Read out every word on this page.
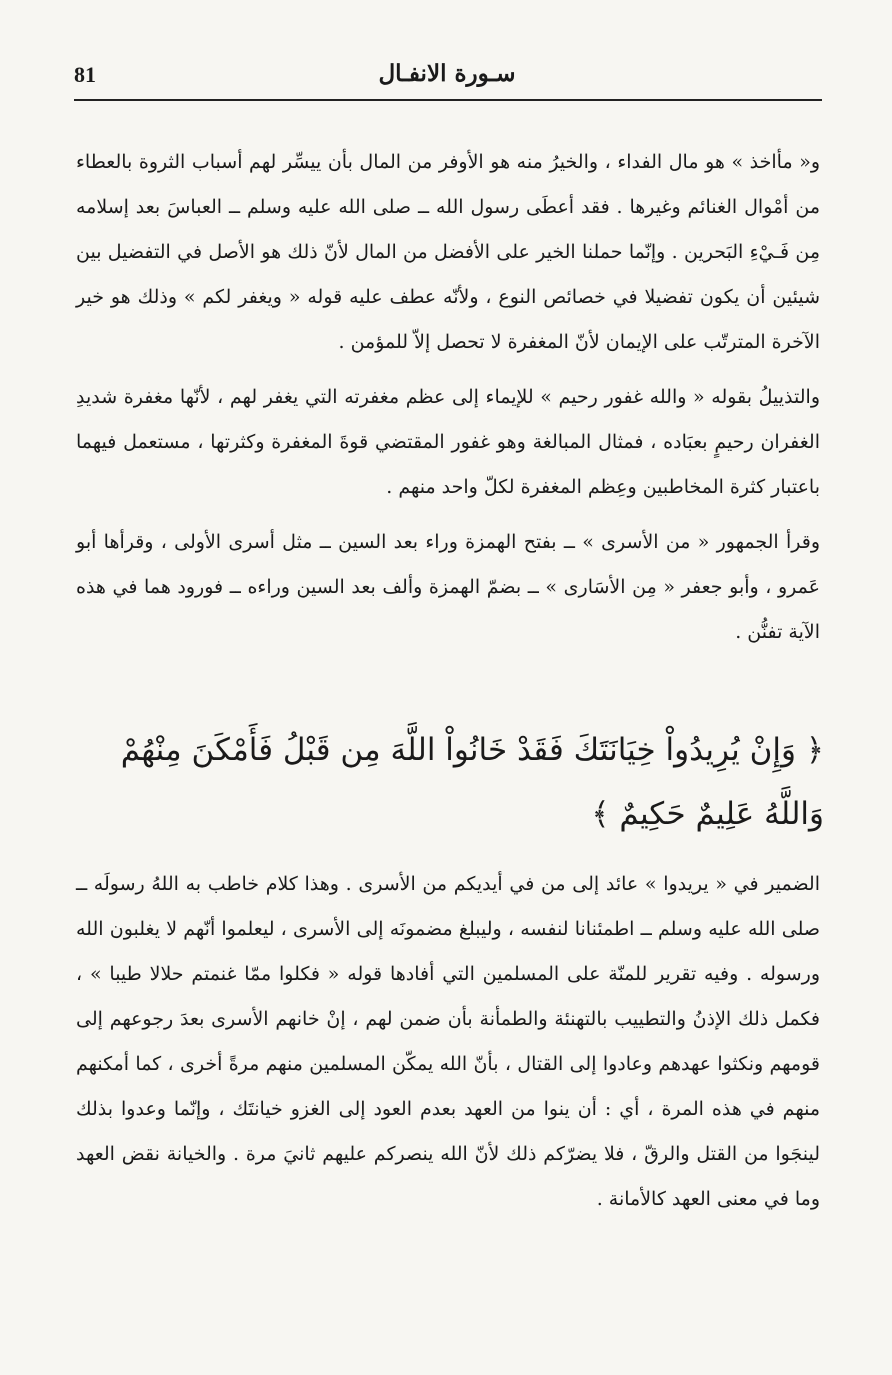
81	سـورة الانفـال

و« مأاخذ » هو مال الفداء ، والخيرُ منه هو الأوفر من المال بأن ييسِّر لهم أسباب الثروة بالعطاء من أمْوال الغنائم وغيرها . فقد أعطَى رسول الله ــ صلى الله عليه وسلم ــ العباسَ بعد إسلامه مِن فَـيْءِ البَحرين . وإنّما حملنا الخير على الأفضل من المال لأنّ ذلك هو الأصل في التفضيل بين شيئين أن يكون تفضيلا في خصائص النوع ، ولأنّه عطف عليه قوله « ويغفر لكم » وذلك هو خير الآخرة المترتّب على الإيمان لأنّ المغفرة لا تحصل إلاّ للمؤمن .

والتذييلُ بقوله « والله غفور رحيم » للإيماء إلى عظم مغفرته التي يغفر لهم ، لأنّها مغفرة شديدِ الغفران رحيمٍ بعبَاده ، فمثال المبالغة وهو غفور المقتضي قوةَ المغفرة وكثرتها ، مستعمل فيهما باعتبار كثرة المخاطبين وعِظم المغفرة لكلّ واحد منهم .

وقرأ الجمهور « من الأسرى » ــ بفتح الهمزة وراء بعد السين ــ مثل أسرى الأولى ، وقرأها أبو عَمرو ، وأبو جعفر « مِن الأسَارى » ــ بضمّ الهمزة وألف بعد السين وراءه ــ فورود هما في هذه الآية تفنُّن .

﴿ وَإِنْ يُرِيدُواْ خِيَانَتَكَ فَقَدْ خَانُواْ اللَّهَ مِن قَبْلُ فَأَمْكَنَ مِنْهُمْ

وَاللَّهُ عَلِيمٌ حَكِيمٌ ﴾

الضمير في « يريدوا » عائد إلى من في أيديكم من الأسرى . وهذا كلام خاطب به اللهُ رسولَه ــ صلى الله عليه وسلم ــ اطمئنانا لنفسه ، وليبلغ مضمونَه إلى الأسرى ، ليعلموا أنّهم لا يغلبون الله ورسوله . وفيه تقرير للمنّة على المسلمين التي أفادها قوله « فكلوا ممّا غنمتم حلالا طيبا » ، فكمل ذلك الإذنُ والتطييب بالتهنئة والطمأنة بأن ضمن لهم ، إنْ خانهم الأسرى بعدَ رجوعهم إلى قومهم ونكثوا عهدهم وعادوا إلى القتال ، بأنّ الله يمكّن المسلمين منهم مرةً أخرى ، كما أمكنهم منهم في هذه المرة ، أي : أن ينوا من العهد بعدم العود إلى الغزو خيانتَك ، وإنّما وعدوا بذلك لينجَوا من القتل والرقّ ، فلا يضرّكم ذلك لأنّ الله ينصركم عليهم ثانيَ مرة . والخيانة نقض العهد وما في معنى العهد كالأمانة .
